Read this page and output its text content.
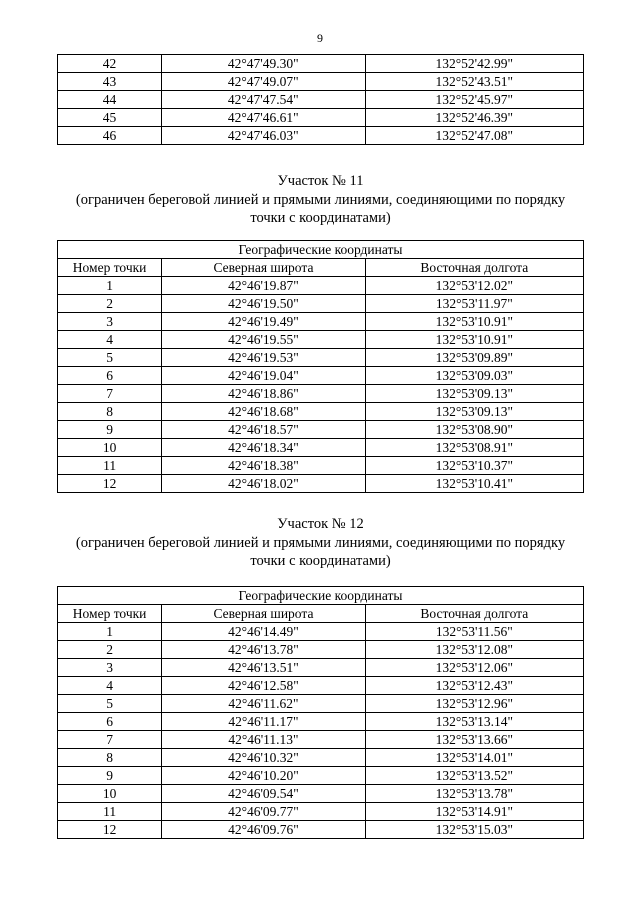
9
42	42°47'49.30"	132°52'42.99"
43	42°47'49.07"	132°52'43.51"
44	42°47'47.54"	132°52'45.97"
45	42°47'46.61"	132°52'46.39"
46	42°47'46.03"	132°52'47.08"
Участок № 11
(ограничен береговой линией и прямыми линиями, соединяющими по порядку точки с координатами)
Географические координаты		
Номер точки	Северная широта	Восточная долгота
1	42°46'19.87"	132°53'12.02"
2	42°46'19.50"	132°53'11.97"
3	42°46'19.49"	132°53'10.91"
4	42°46'19.55"	132°53'10.91"
5	42°46'19.53"	132°53'09.89"
6	42°46'19.04"	132°53'09.03"
7	42°46'18.86"	132°53'09.13"
8	42°46'18.68"	132°53'09.13"
9	42°46'18.57"	132°53'08.90"
10	42°46'18.34"	132°53'08.91"
11	42°46'18.38"	132°53'10.37"
12	42°46'18.02"	132°53'10.41"
Участок № 12
(ограничен береговой линией и прямыми линиями, соединяющими по порядку точки с координатами)
Географические координаты		
Номер точки	Северная широта	Восточная долгота
1	42°46'14.49"	132°53'11.56"
2	42°46'13.78"	132°53'12.08"
3	42°46'13.51"	132°53'12.06"
4	42°46'12.58"	132°53'12.43"
5	42°46'11.62"	132°53'12.96"
6	42°46'11.17"	132°53'13.14"
7	42°46'11.13"	132°53'13.66"
8	42°46'10.32"	132°53'14.01"
9	42°46'10.20"	132°53'13.52"
10	42°46'09.54"	132°53'13.78"
11	42°46'09.77"	132°53'14.91"
12	42°46'09.76"	132°53'15.03"
